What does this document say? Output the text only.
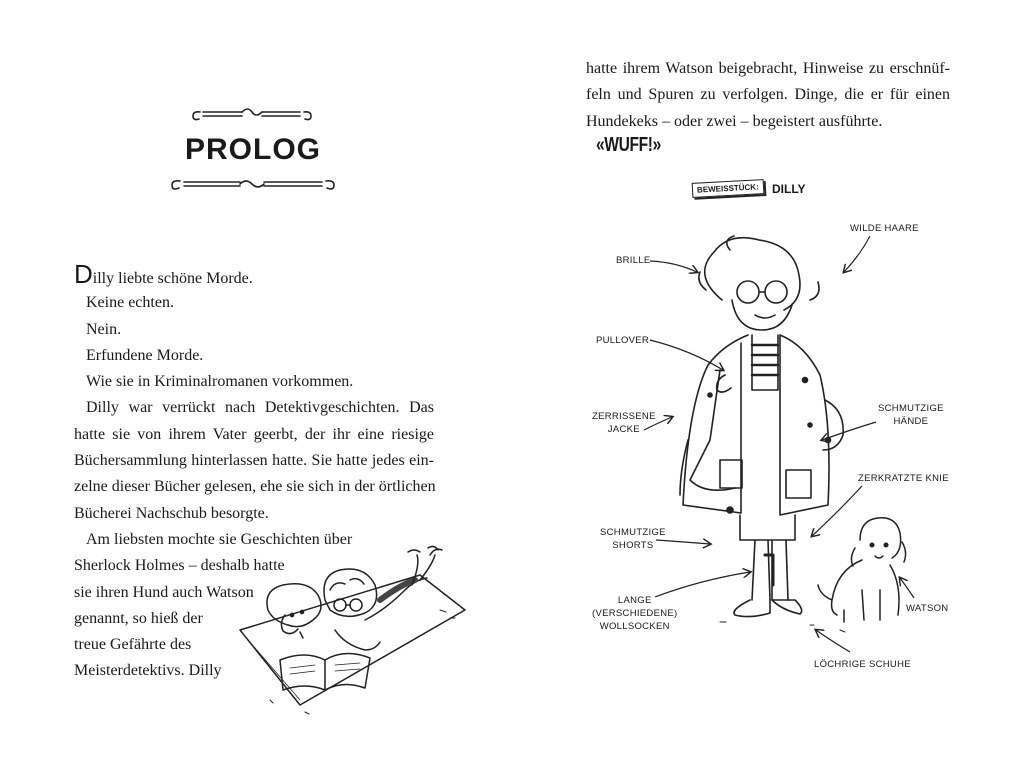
PROLOG
Dilly liebte schöne Morde.
Keine echten.
Nein.
Erfundene Morde.
Wie sie in Kriminalromanen vorkommen.
Dilly war verrückt nach Detektivgeschichten. Das
hatte sie von ihrem Vater geerbt, der ihr eine riesige
Büchersammlung hinterlassen hatte. Sie hatte jedes ein-
zelne dieser Bücher gelesen, ehe sie sich in der örtlichen
Bücherei Nachschub besorgte.
Am liebsten mochte sie Geschichten über
Sherlock Holmes – deshalb hatte
sie ihren Hund auch Watson
genannt, so hieß der
treue Gefährte des
Meisterdetektivs. Dilly
hatte ihrem Watson beigebracht, Hinweise zu erschnüf-
feln und Spuren zu verfolgen. Dinge, die er für einen
Hundekeks – oder zwei – begeistert ausführte.
«WUFF!»
BEWEISSTÜCK:	DILLY
WILDE HAARE
BRILLE
PULLOVER
SCHMUTZIGE
HÄNDE
ZERRISSENE
JACKE
ZERKRATZTE KNIE
SCHMUTZIGE
SHORTS
LANGE
(VERSCHIEDENE)
WOLLSOCKEN
WATSON
LÖCHRIGE SCHUHE
